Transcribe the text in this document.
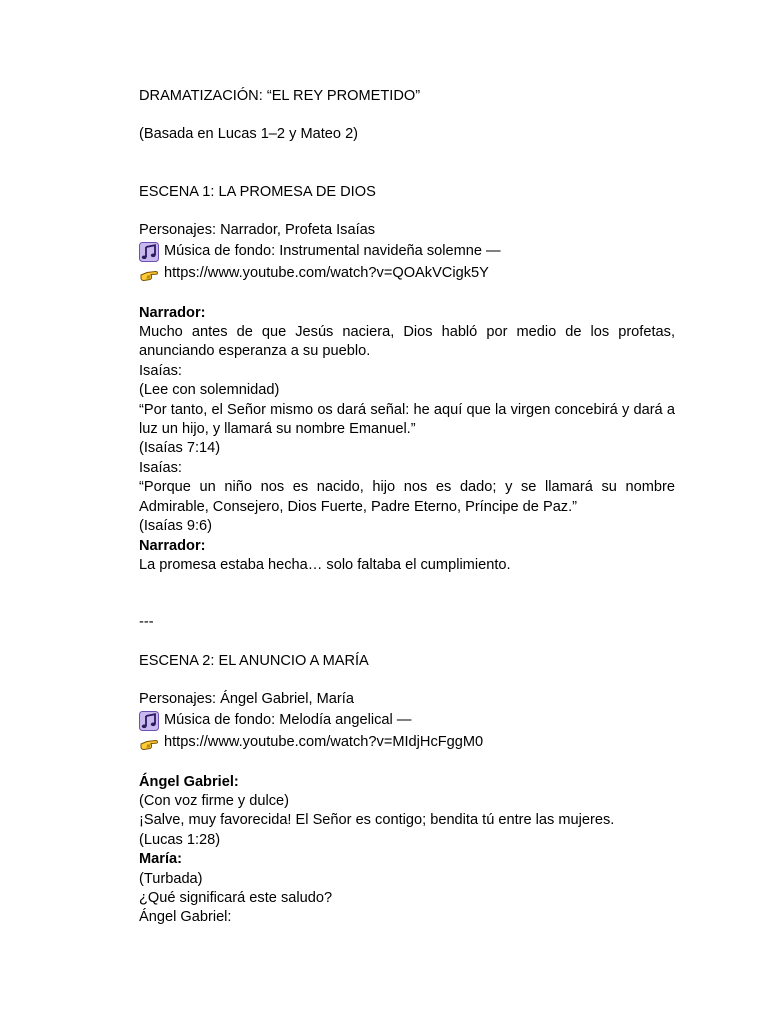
DRAMATIZACIÓN: “EL REY PROMETIDO”

(Basada en Lucas 1–2 y Mateo 2)

ESCENA 1: LA PROMESA DE DIOS

Personajes: Narrador, Profeta Isaías

Música de fondo: Instrumental navideña solemne —
https://www.youtube.com/watch?v=QOAkVCigk5Y

Narrador:

Mucho antes de que Jesús naciera, Dios habló por medio de los profetas, anunciando esperanza a su pueblo.

Isaías:

(Lee con solemnidad)

“Por tanto, el Señor mismo os dará señal: he aquí que la virgen concebirá y dará a luz un hijo, y llamará su nombre Emanuel.”

(Isaías 7:14)

Isaías:

“Porque un niño nos es nacido, hijo nos es dado; y se llamará su nombre Admirable, Consejero, Dios Fuerte, Padre Eterno, Príncipe de Paz.”

(Isaías 9:6)

Narrador:

La promesa estaba hecha… solo faltaba el cumplimiento.

---

ESCENA 2: EL ANUNCIO A MARÍA

Personajes: Ángel Gabriel, María

Música de fondo: Melodía angelical —
https://www.youtube.com/watch?v=MIdjHcFggM0

Ángel Gabriel:

(Con voz firme y dulce)

¡Salve, muy favorecida! El Señor es contigo; bendita tú entre las mujeres.

(Lucas 1:28)

María:

(Turbada)

¿Qué significará este saludo?

Ángel Gabriel:
